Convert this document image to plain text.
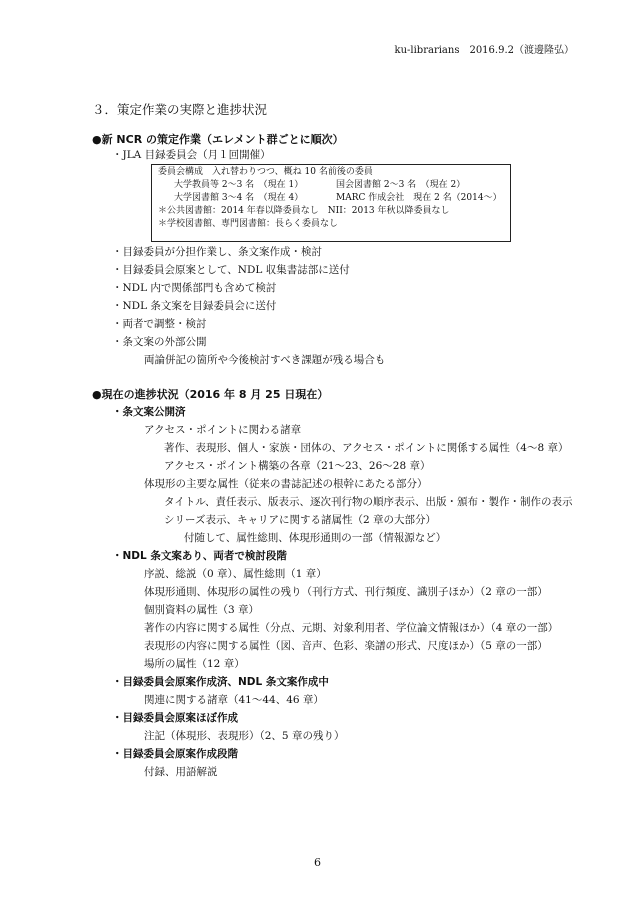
ku-librarians　2016.9.2（渡邊隆弘）
３．策定作業の実際と進捗状況
●新 NCR の策定作業（エレメント群ごとに順次）
・JLA 目録委員会（月１回開催）
委員会構成　入れ替わりつつ、概ね 10 名前後の委員
大学教員等 2〜3 名　（現在 1）	国会図書館 2〜3 名　（現在 2）
大学図書館 3〜4 名　（現在 4）	MARC 作成会社　現在 2 名（2014〜）
＊公共図書館：2014 年春以降委員なし　NII：2013 年秋以降委員なし
＊学校図書館、専門図書館：長らく委員なし
・目録委員が分担作業し、条文案作成・検討
・目録委員会原案として、NDL 収集書誌部に送付
・NDL 内で関係部門も含めて検討
・NDL 条文案を目録委員会に送付
・両者で調整・検討
・条文案の外部公開
両論併記の箇所や今後検討すべき課題が残る場合も
●現在の進捗状況（2016 年 8 月 25 日現在）
・条文案公開済
アクセス・ポイントに関わる諸章
著作、表現形、個人・家族・団体の、アクセス・ポイントに関係する属性（4〜8 章）
アクセス・ポイント構築の各章（21〜23、26〜28 章）
体現形の主要な属性（従来の書誌記述の根幹にあたる部分）
タイトル、責任表示、版表示、逐次刊行物の順序表示、出版・頒布・製作・制作の表示
シリーズ表示、キャリアに関する諸属性（2 章の大部分）
付随して、属性総則、体現形通則の一部（情報源など）
・NDL 条文案あり、両者で検討段階
序説、総説（0 章）、属性総則（1 章）
体現形通則、体現形の属性の残り（刊行方式、刊行頻度、識別子ほか）（2 章の一部）
個別資料の属性（3 章）
著作の内容に関する属性（分点、元期、対象利用者、学位論文情報ほか）（4 章の一部）
表現形の内容に関する属性（図、音声、色彩、楽譜の形式、尺度ほか）（5 章の一部）
場所の属性（12 章）
・目録委員会原案作成済、NDL 条文案作成中
関連に関する諸章（41〜44、46 章）
・目録委員会原案ほぼ作成
注記（体現形、表現形）（2、5 章の残り）
・目録委員会原案作成段階
付録、用語解説
6
